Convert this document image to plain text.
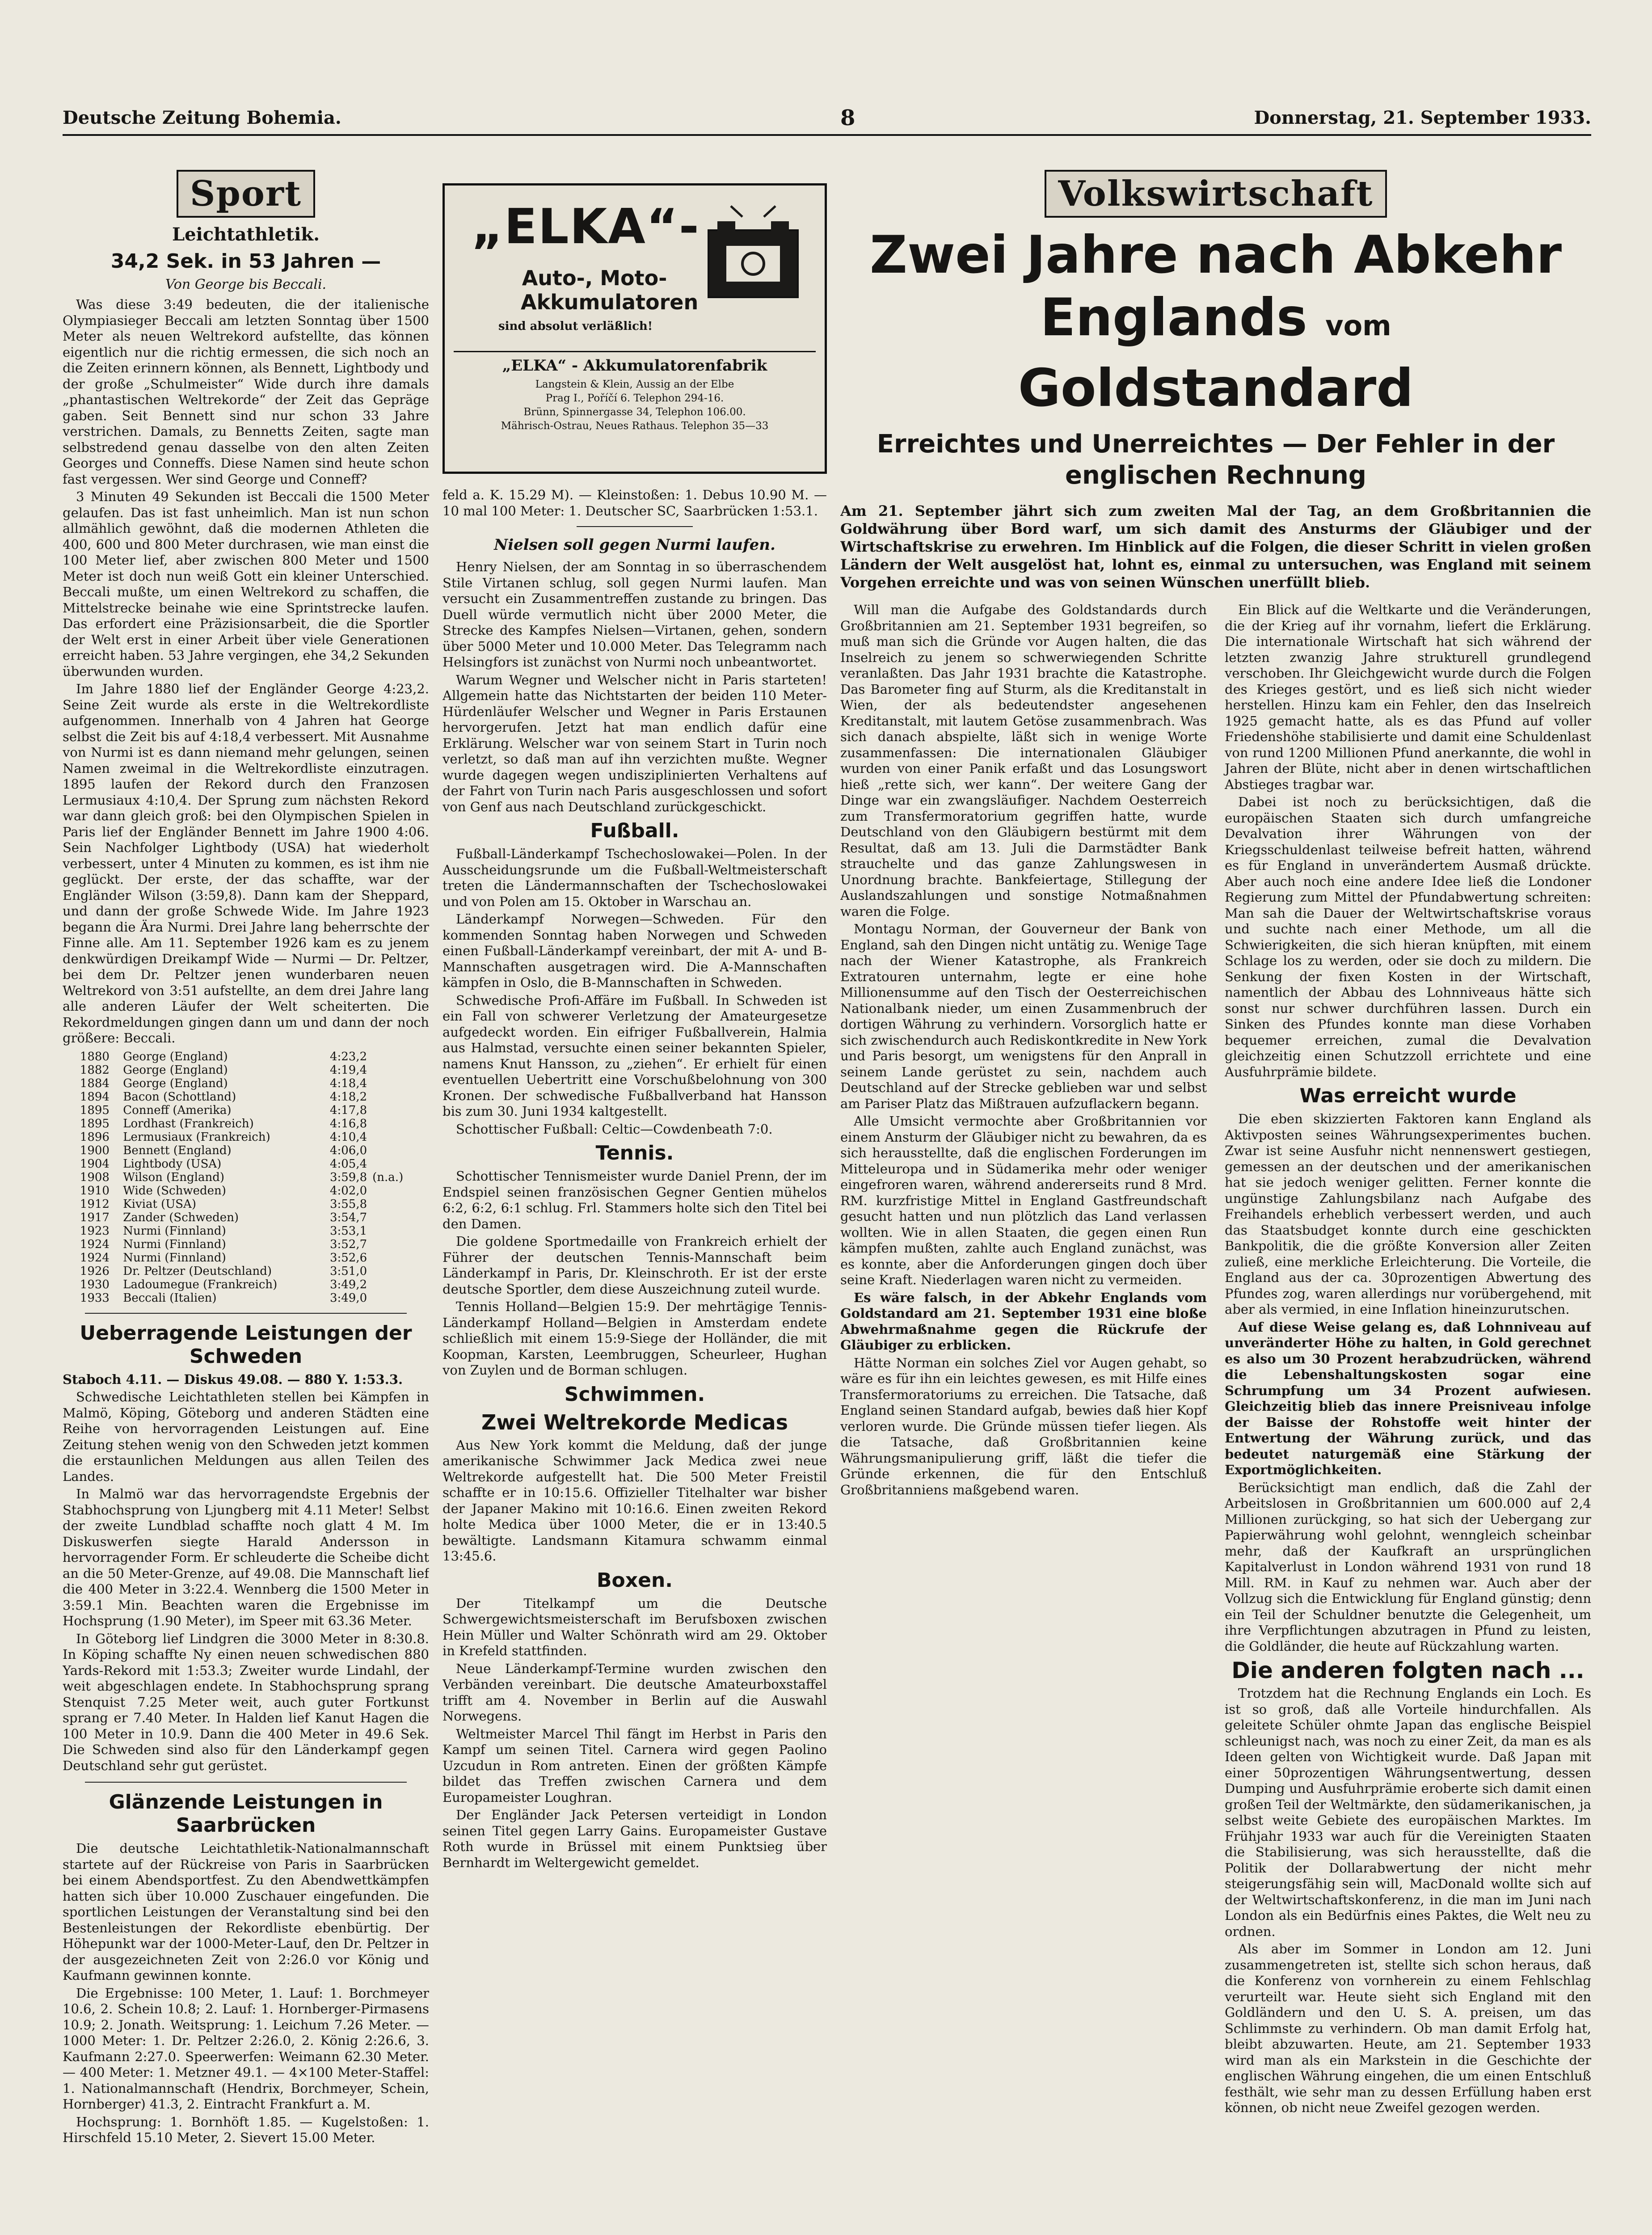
Deutsche Zeitung Bohemia.	8	Donnerstag, 21. September 1933.
Sport
Leichtathletik.
34,2 Sek. in 53 Jahren —
Von George bis Beccali.

Was diese 3:49 bedeuten, die der italienische Olympiasieger Beccali am letzten Sonntag über 1500 Meter als neuen Weltrekord aufstellte, das können eigentlich nur die richtig ermessen, die sich noch an die Zeiten erinnern können, als Bennett, Lightbody und der große „Schulmeister“ Wide durch ihre damals „phantastischen Weltrekorde“ der Zeit das Gepräge gaben. Seit Bennett sind nur schon 33 Jahre verstrichen. Damals, zu Bennetts Zeiten, sagte man selbstredend genau dasselbe von den alten Zeiten Georges und Conneffs. Diese Namen sind heute schon fast vergessen. Wer sind George und Conneff?

3 Minuten 49 Sekunden ist Beccali die 1500 Meter gelaufen. Das ist fast unheimlich. Man ist nun schon allmählich gewöhnt, daß die modernen Athleten die 400, 600 und 800 Meter durchrasen, wie man einst die 100 Meter lief, aber zwischen 800 Meter und 1500 Meter ist doch nun weiß Gott ein kleiner Unterschied. Beccali mußte, um einen Weltrekord zu schaffen, die Mittelstrecke beinahe wie eine Sprintstrecke laufen. Das erfordert eine Präzisionsarbeit, die die Sportler der Welt erst in einer Arbeit über viele Generationen erreicht haben. 53 Jahre vergingen, ehe 34,2 Sekunden überwunden wurden.

Im Jahre 1880 lief der Engländer George 4:23,2. Seine Zeit wurde als erste in die Weltrekordliste aufgenommen. Innerhalb von 4 Jahren hat George selbst die Zeit bis auf 4:18,4 verbessert. Mit Ausnahme von Nurmi ist es dann niemand mehr gelungen, seinen Namen zweimal in die Weltrekordliste einzutragen. 1895 laufen der Rekord durch den Franzosen Lermusiaux 4:10,4. Der Sprung zum nächsten Rekord war dann gleich groß: bei den Olympischen Spielen in Paris lief der Engländer Bennett im Jahre 1900 4:06. Sein Nachfolger Lightbody (USA) hat wiederholt verbessert, unter 4 Minuten zu kommen, es ist ihm nie geglückt. Der erste, der das schaffte, war der Engländer Wilson (3:59,8). Dann kam der Sheppard, und dann der große Schwede Wide. Im Jahre 1923 begann die Ära Nurmi. Drei Jahre lang beherrschte der Finne alle. Am 11. September 1926 kam es zu jenem denkwürdigen Dreikampf Wide — Nurmi — Dr. Peltzer, bei dem Dr. Peltzer jenen wunderbaren neuen Weltrekord von 3:51 aufstellte, an dem drei Jahre lang alle anderen Läufer der Welt scheiterten. Die Rekordmeldungen gingen dann um und dann der noch größere: Beccali.

1880	George (England)	4:23,2	
1882	George (England)	4:19,4	
1884	George (England)	4:18,4	
1894	Bacon (Schottland)	4:18,2	
1895	Conneff (Amerika)	4:17,8	
1895	Lordhast (Frankreich)	4:16,8	
1896	Lermusiaux (Frankreich)	4:10,4	
1900	Bennett (England)	4:06,0	
1904	Lightbody (USA)	4:05,4	
1908	Wilson (England)	3:59,8	(n.a.)
1910	Wide (Schweden)	4:02,0	
1912	Kiviat (USA)	3:55,8	
1917	Zander (Schweden)	3:54,7	
1923	Nurmi (Finnland)	3:53,1	
1924	Nurmi (Finnland)	3:52,7	
1924	Nurmi (Finnland)	3:52,6	
1926	Dr. Peltzer (Deutschland)	3:51,0	
1930	Ladoumegue (Frankreich)	3:49,2	
1933	Beccali (Italien)	3:49,0	
Ueberragende Leistungen der Schweden

Staboch 4.11. — Diskus 49.08. — 880 Y. 1:53.3.

Schwedische Leichtathleten stellen bei Kämpfen in Malmö, Köping, Göteborg und anderen Städten eine Reihe von hervorragenden Leistungen auf. Eine Zeitung stehen wenig von den Schweden jetzt kommen die erstaunlichen Meldungen aus allen Teilen des Landes.

In Malmö war das hervorragendste Ergebnis der Stabhochsprung von Ljungberg mit 4.11 Meter! Selbst der zweite Lundblad schaffte noch glatt 4 M. Im Diskuswerfen siegte Harald Andersson in hervorragender Form. Er schleuderte die Scheibe dicht an die 50 Meter-Grenze, auf 49.08. Die Mannschaft lief die 400 Meter in 3:22.4. Wennberg die 1500 Meter in 3:59.1 Min. Beachten waren die Ergebnisse im Hochsprung (1.90 Meter), im Speer mit 63.36 Meter.

In Göteborg lief Lindgren die 3000 Meter in 8:30.8. In Köping schaffte Ny einen neuen schwedischen 880 Yards-Rekord mit 1:53.3; Zweiter wurde Lindahl, der weit abgeschlagen endete. In Stabhochsprung sprang Stenquist 7.25 Meter weit, auch guter Fortkunst sprang er 7.40 Meter. In Halden lief Kanut Hagen die 100 Meter in 10.9. Dann die 400 Meter in 49.6 Sek. Die Schweden sind also für den Länderkampf gegen Deutschland sehr gut gerüstet.

Glänzende Leistungen in Saarbrücken

Die deutsche Leichtathletik-Nationalmannschaft startete auf der Rückreise von Paris in Saarbrücken bei einem Abendsportfest. Zu den Abendwettkämpfen hatten sich über 10.000 Zuschauer eingefunden. Die sportlichen Leistungen der Veranstaltung sind bei den Bestenleistungen der Rekordliste ebenbürtig. Der Höhepunkt war der 1000-Meter-Lauf, den Dr. Peltzer in der ausgezeichneten Zeit von 2:26.0 vor König und Kaufmann gewinnen konnte.

Die Ergebnisse: 100 Meter, 1. Lauf: 1. Borchmeyer 10.6, 2. Schein 10.8; 2. Lauf: 1. Hornberger-Pirmasens 10.9; 2. Jonath. Weitsprung: 1. Leichum 7.26 Meter. — 1000 Meter: 1. Dr. Peltzer 2:26.0, 2. König 2:26.6, 3. Kaufmann 2:27.0. Speerwerfen: Weimann 62.30 Meter. — 400 Meter: 1. Metzner 49.1. — 4×100 Meter-Staffel: 1. Nationalmannschaft (Hendrix, Borchmeyer, Schein, Hornberger) 41.3, 2. Eintracht Frankfurt a. M.

Hochsprung: 1. Bornhöft 1.85. — Kugelstoßen: 1. Hirschfeld 15.10 Meter, 2. Sievert 15.00 Meter.

„ELKA“-
Auto-, Moto-
Akkumulatoren
sind absolut verläßlich!
„ELKA“ - Akkumulatorenfabrik
Langstein & Klein, Aussig an der Elbe
Prag I., Poříčí 6. Telephon 294-16.
Brünn, Spinnergasse 34, Telephon 106.00.
Mährisch-Ostrau, Neues Rathaus. Telephon 35—33

feld a. K. 15.29 M). — Kleinstoßen: 1. Debus 10.90 M. — 10 mal 100 Meter: 1. Deutscher SC, Saarbrücken 1:53.1.

Nielsen soll gegen Nurmi laufen.

Henry Nielsen, der am Sonntag in so überraschendem Stile Virtanen schlug, soll gegen Nurmi laufen. Man versucht ein Zusammentreffen zustande zu bringen. Das Duell würde vermutlich nicht über 2000 Meter, die Strecke des Kampfes Nielsen—Virtanen, gehen, sondern über 5000 Meter und 10.000 Meter. Das Telegramm nach Helsingfors ist zunächst von Nurmi noch unbeantwortet.

Warum Wegner und Welscher nicht in Paris starteten! Allgemein hatte das Nichtstarten der beiden 110 Meter-Hürdenläufer Welscher und Wegner in Paris Erstaunen hervorgerufen. Jetzt hat man endlich dafür eine Erklärung. Welscher war von seinem Start in Turin noch verletzt, so daß man auf ihn verzichten mußte. Wegner wurde dagegen wegen undisziplinierten Verhaltens auf der Fahrt von Turin nach Paris ausgeschlossen und sofort von Genf aus nach Deutschland zurückgeschickt.

Fußball.

Fußball-Länderkampf Tschechoslowakei—Polen. In der Ausscheidungsrunde um die Fußball-Weltmeisterschaft treten die Ländermannschaften der Tschechoslowakei und von Polen am 15. Oktober in Warschau an.

Länderkampf Norwegen—Schweden. Für den kommenden Sonntag haben Norwegen und Schweden einen Fußball-Länderkampf vereinbart, der mit A- und B-Mannschaften ausgetragen wird. Die A-Mannschaften kämpfen in Oslo, die B-Mannschaften in Schweden.

Schwedische Profi-Affäre im Fußball. In Schweden ist ein Fall von schwerer Verletzung der Amateurgesetze aufgedeckt worden. Ein eifriger Fußballverein, Halmia aus Halmstad, versuchte einen seiner bekannten Spieler, namens Knut Hansson, zu „ziehen“. Er erhielt für einen eventuellen Uebertritt eine Vorschußbelohnung von 300 Kronen. Der schwedische Fußballverband hat Hansson bis zum 30. Juni 1934 kaltgestellt.

Schottischer Fußball: Celtic—Cowdenbeath 7:0.

Tennis.

Schottischer Tennismeister wurde Daniel Prenn, der im Endspiel seinen französischen Gegner Gentien mühelos 6:2, 6:2, 6:1 schlug. Frl. Stammers holte sich den Titel bei den Damen.

Die goldene Sportmedaille von Frankreich erhielt der Führer der deutschen Tennis-Mannschaft beim Länderkampf in Paris, Dr. Kleinschroth. Er ist der erste deutsche Sportler, dem diese Auszeichnung zuteil wurde.

Tennis Holland—Belgien 15:9. Der mehrtägige Tennis-Länderkampf Holland—Belgien in Amsterdam endete schließlich mit einem 15:9-Siege der Holländer, die mit Koopman, Karsten, Leembruggen, Scheurleer, Hughan von Zuylen und de Borman schlugen.

Schwimmen.
Zwei Weltrekorde Medicas

Aus New York kommt die Meldung, daß der junge amerikanische Schwimmer Jack Medica zwei neue Weltrekorde aufgestellt hat. Die 500 Meter Freistil schaffte er in 10:15.6. Offizieller Titelhalter war bisher der Japaner Makino mit 10:16.6. Einen zweiten Rekord holte Medica über 1000 Meter, die er in 13:40.5 bewältigte. Landsmann Kitamura schwamm einmal 13:45.6.

Boxen.

Der Titelkampf um die Deutsche Schwergewichtsmeisterschaft im Berufsboxen zwischen Hein Müller und Walter Schönrath wird am 29. Oktober in Krefeld stattfinden.

Neue Länderkampf-Termine wurden zwischen den Verbänden vereinbart. Die deutsche Amateurboxstaffel trifft am 4. November in Berlin auf die Auswahl Norwegens.

Weltmeister Marcel Thil fängt im Herbst in Paris den Kampf um seinen Titel. Carnera wird gegen Paolino Uzcudun in Rom antreten. Einen der größten Kämpfe bildet das Treffen zwischen Carnera und dem Europameister Loughran.

Der Engländer Jack Petersen verteidigt in London seinen Titel gegen Larry Gains. Europameister Gustave Roth wurde in Brüssel mit einem Punktsieg über Bernhardt im Weltergewicht gemeldet.

Volkswirtschaft
Zwei Jahre nach Abkehr
Englands vom Goldstandard
Erreichtes und Unerreichtes — Der Fehler in der englischen Rechnung
Am 21. September jährt sich zum zweiten Mal der Tag, an dem Großbritannien die Goldwährung über Bord warf, um sich damit des Ansturms der Gläubiger und der Wirtschaftskrise zu erwehren. Im Hinblick auf die Folgen, die dieser Schritt in vielen großen Ländern der Welt ausgelöst hat, lohnt es, einmal zu untersuchen, was England mit seinem Vorgehen erreichte und was von seinen Wünschen unerfüllt blieb.

Will man die Aufgabe des Goldstandards durch Großbritannien am 21. September 1931 begreifen, so muß man sich die Gründe vor Augen halten, die das Inselreich zu jenem so schwerwiegenden Schritte veranlaßten. Das Jahr 1931 brachte die Katastrophe. Das Barometer fing auf Sturm, als die Kreditanstalt in Wien, der als bedeutendster angesehenen Kreditanstalt, mit lautem Getöse zusammenbrach. Was sich danach abspielte, läßt sich in wenige Worte zusammenfassen: Die internationalen Gläubiger wurden von einer Panik erfaßt und das Losungswort hieß „rette sich, wer kann“. Der weitere Gang der Dinge war ein zwangsläufiger. Nachdem Oesterreich zum Transfermoratorium gegriffen hatte, wurde Deutschland von den Gläubigern bestürmt mit dem Resultat, daß am 13. Juli die Darmstädter Bank strauchelte und das ganze Zahlungswesen in Unordnung brachte. Bankfeiertage, Stillegung der Auslandszahlungen und sonstige Notmaßnahmen waren die Folge.

Montagu Norman, der Gouverneur der Bank von England, sah den Dingen nicht untätig zu. Wenige Tage nach der Wiener Katastrophe, als Frankreich Extratouren unternahm, legte er eine hohe Millionensumme auf den Tisch der Oesterreichischen Nationalbank nieder, um einen Zusammenbruch der dortigen Währung zu verhindern. Vorsorglich hatte er sich zwischendurch auch Rediskontkredite in New York und Paris besorgt, um wenigstens für den Anprall in seinem Lande gerüstet zu sein, nachdem auch Deutschland auf der Strecke geblieben war und selbst am Pariser Platz das Mißtrauen aufzuflackern begann.

Alle Umsicht vermochte aber Großbritannien vor einem Ansturm der Gläubiger nicht zu bewahren, da es sich herausstellte, daß die englischen Forderungen im Mitteleuropa und in Südamerika mehr oder weniger eingefroren waren, während andererseits rund 8 Mrd. RM. kurzfristige Mittel in England Gastfreundschaft gesucht hatten und nun plötzlich das Land verlassen wollten. Wie in allen Staaten, die gegen einen Run kämpfen mußten, zahlte auch England zunächst, was es konnte, aber die Anforderungen gingen doch über seine Kraft. Niederlagen waren nicht zu vermeiden.

Es wäre falsch, in der Abkehr Englands vom Goldstandard am 21. September 1931 eine bloße Abwehrmaßnahme gegen die Rückrufe der Gläubiger zu erblicken.

Hätte Norman ein solches Ziel vor Augen gehabt, so wäre es für ihn ein leichtes gewesen, es mit Hilfe eines Transfermoratoriums zu erreichen. Die Tatsache, daß England seinen Standard aufgab, bewies daß hier Kopf verloren wurde. Die Gründe müssen tiefer liegen. Als die Tatsache, daß Großbritannien keine Währungsmanipulierung griff, läßt die tiefer die Gründe erkennen, die für den Entschluß Großbritanniens maßgebend waren.

Ein Blick auf die Weltkarte und die Veränderungen, die der Krieg auf ihr vornahm, liefert die Erklärung. Die internationale Wirtschaft hat sich während der letzten zwanzig Jahre strukturell grundlegend verschoben. Ihr Gleichgewicht wurde durch die Folgen des Krieges gestört, und es ließ sich nicht wieder herstellen. Hinzu kam ein Fehler, den das Inselreich 1925 gemacht hatte, als es das Pfund auf voller Friedenshöhe stabilisierte und damit eine Schuldenlast von rund 1200 Millionen Pfund anerkannte, die wohl in Jahren der Blüte, nicht aber in denen wirtschaftlichen Abstieges tragbar war.

Dabei ist noch zu berücksichtigen, daß die europäischen Staaten sich durch umfangreiche Devalvation ihrer Währungen von der Kriegsschuldenlast teilweise befreit hatten, während es für England in unverändertem Ausmaß drückte. Aber auch noch eine andere Idee ließ die Londoner Regierung zum Mittel der Pfundabwertung schreiten: Man sah die Dauer der Weltwirtschaftskrise voraus und suchte nach einer Methode, um all die Schwierigkeiten, die sich hieran knüpften, mit einem Schlage los zu werden, oder sie doch zu mildern. Die Senkung der fixen Kosten in der Wirtschaft, namentlich der Abbau des Lohnniveaus hätte sich sonst nur schwer durchführen lassen. Durch ein Sinken des Pfundes konnte man diese Vorhaben bequemer erreichen, zumal die Devalvation gleichzeitig einen Schutzzoll errichtete und eine Ausfuhrprämie bildete.

Was erreicht wurde

Die eben skizzierten Faktoren kann England als Aktivposten seines Währungsexperimentes buchen. Zwar ist seine Ausfuhr nicht nennenswert gestiegen, gemessen an der deutschen und der amerikanischen hat sie jedoch weniger gelitten. Ferner konnte die ungünstige Zahlungsbilanz nach Aufgabe des Freihandels erheblich verbessert werden, und auch das Staatsbudget konnte durch eine geschickten Bankpolitik, die die größte Konversion aller Zeiten zuließ, eine merkliche Erleichterung. Die Vorteile, die England aus der ca. 30prozentigen Abwertung des Pfundes zog, waren allerdings nur vorübergehend, mit aber als vermied, in eine Inflation hineinzurutschen.

Auf diese Weise gelang es, daß Lohnniveau auf unveränderter Höhe zu halten, in Gold gerechnet es also um 30 Prozent herabzudrücken, während die Lebenshaltungskosten sogar eine Schrumpfung um 34 Prozent aufwiesen. Gleichzeitig blieb das innere Preisniveau infolge der Baisse der Rohstoffe weit hinter der Entwertung der Währung zurück, und das bedeutet naturgemäß eine Stärkung der Exportmöglichkeiten.

Berücksichtigt man endlich, daß die Zahl der Arbeitslosen in Großbritannien um 600.000 auf 2,4 Millionen zurückging, so hat sich der Uebergang zur Papierwährung wohl gelohnt, wenngleich scheinbar mehr, daß der Kaufkraft an ursprünglichen Kapitalverlust in London während 1931 von rund 18 Mill. RM. in Kauf zu nehmen war. Auch aber der Vollzug sich die Entwicklung für England günstig; denn ein Teil der Schuldner benutzte die Gelegenheit, um ihre Verpflichtungen abzutragen in Pfund zu leisten, die Goldländer, die heute auf Rückzahlung warten.

Die anderen folgten nach ...

Trotzdem hat die Rechnung Englands ein Loch. Es ist so groß, daß alle Vorteile hindurchfallen. Als geleitete Schüler ohmte Japan das englische Beispiel schleunigst nach, was noch zu einer Zeit, da man es als Ideen gelten von Wichtigkeit wurde. Daß Japan mit einer 50prozentigen Währungsentwertung, dessen Dumping und Ausfuhrprämie eroberte sich damit einen großen Teil der Weltmärkte, den südamerikanischen, ja selbst weite Gebiete des europäischen Marktes. Im Frühjahr 1933 war auch für die Vereinigten Staaten die Stabilisierung, was sich herausstellte, daß die Politik der Dollarabwertung der nicht mehr steigerungsfähig sein will, MacDonald wollte sich auf der Weltwirtschaftskonferenz, in die man im Juni nach London als ein Bedürfnis eines Paktes, die Welt neu zu ordnen.

Als aber im Sommer in London am 12. Juni zusammengetreten ist, stellte sich schon heraus, daß die Konferenz von vornherein zu einem Fehlschlag verurteilt war. Heute sieht sich England mit den Goldländern und den U. S. A. preisen, um das Schlimmste zu verhindern. Ob man damit Erfolg hat, bleibt abzuwarten. Heute, am 21. September 1933 wird man als ein Markstein in die Geschichte der englischen Währung eingehen, die um einen Entschluß festhält, wie sehr man zu dessen Erfüllung haben erst können, ob nicht neue Zweifel gezogen werden.
